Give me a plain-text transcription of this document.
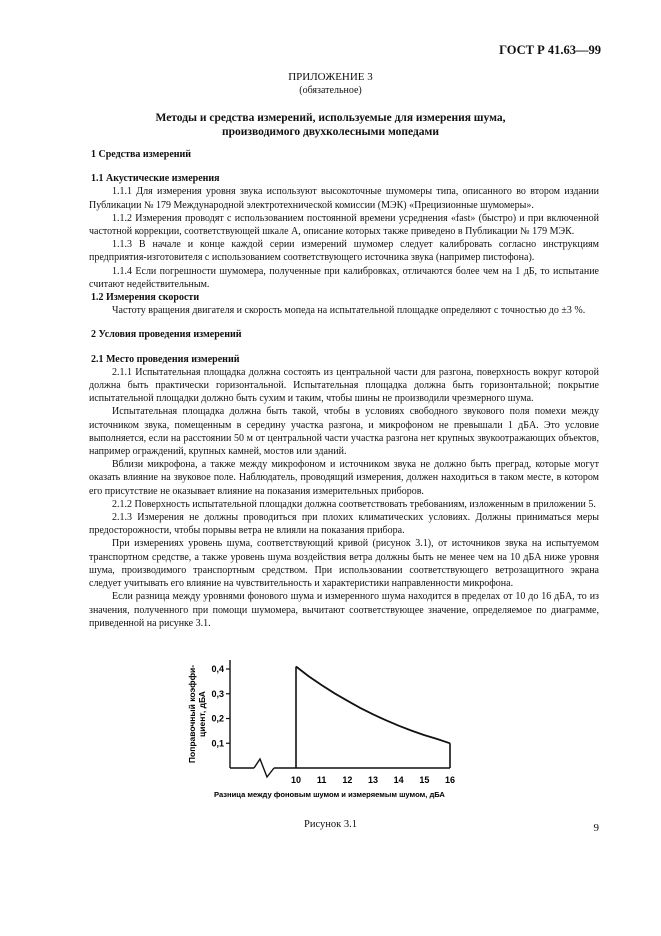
ГОСТ Р 41.63—99
ПРИЛОЖЕНИЕ 3
(обязательное)
Методы и средства измерений, используемые для измерения шума,
производимого двухколесными мопедами

1 Средства измерений

1.1 Акустические измерения

1.1.1 Для измерения уровня звука используют высокоточные шумомеры типа, описанного во втором издании Публикации № 179 Международной электротехнической комиссии (МЭК) «Прецизионные шумомеры».

1.1.2 Измерения проводят с использованием постоянной времени усреднения «fast» (быстро) и при включенной частотной коррекции, соответствующей шкале A, описание которых также приведено в Публикации № 179 МЭК.

1.1.3 В начале и конце каждой серии измерений шумомер следует калибровать согласно инструкциям предприятия-изготовителя с использованием соответствующего источника звука (например пистофона).

1.1.4 Если погрешности шумомера, полученные при калибровках, отличаются более чем на 1 дБ, то испытание считают недействительным.

1.2 Измерения скорости

Частоту вращения двигателя и скорость мопеда на испытательной площадке определяют с точностью до ±3 %.

2 Условия проведения измерений

2.1 Место проведения измерений

2.1.1 Испытательная площадка должна состоять из центральной части для разгона, поверхность вокруг которой должна быть практически горизонтальной. Испытательная площадка должна быть горизонтальной; покрытие испытательной площадки должно быть сухим и таким, чтобы шины не производили чрезмерного шума.

Испытательная площадка должна быть такой, чтобы в условиях свободного звукового поля помехи между источником звука, помещенным в середину участка разгона, и микрофоном не превышали 1 дБA. Это условие выполняется, если на расстоянии 50 м от центральной части участка разгона нет крупных звукоотражающих объектов, например ограждений, крупных камней, мостов или зданий.

Вблизи микрофона, а также между микрофоном и источником звука не должно быть преград, которые могут оказать влияние на звуковое поле. Наблюдатель, проводящий измерения, должен находиться в таком месте, в котором его присутствие не оказывает влияние на показания измерительных приборов.

2.1.2 Поверхность испытательной площадки должна соответствовать требованиям, изложенным в приложении 5.

2.1.3 Измерения не должны проводиться при плохих климатических условиях. Должны приниматься меры предосторожности, чтобы порывы ветра не влияли на показания прибора.

При измерениях уровень шума, соответствующий кривой (рисунок 3.1), от источников звука на испытуемом транспортном средстве, а также уровень шума воздействия ветра должны быть не менее чем на 10 дБA ниже уровня шума, производимого транспортным средством. При использовании соответствующего ветрозащитного экрана следует учитывать его влияние на чувствительность и характеристики направленности микрофона.

Если разница между уровнями фонового шума и измеренного шума находится в пределах от 10 до 16 дБA, то из значения, полученного при помощи шумомера, вычитают соответствующее значение, определяемое по диаграмме, приведенной на рисунке 3.1.

0,1
0,2
0,3
0,4
10 11 12 13 14 15 16
Поправочный коэффи-циент, дБА
Разница между фоновым шумом и измеряемым шумом, дБА
Рисунок 3.1	9
